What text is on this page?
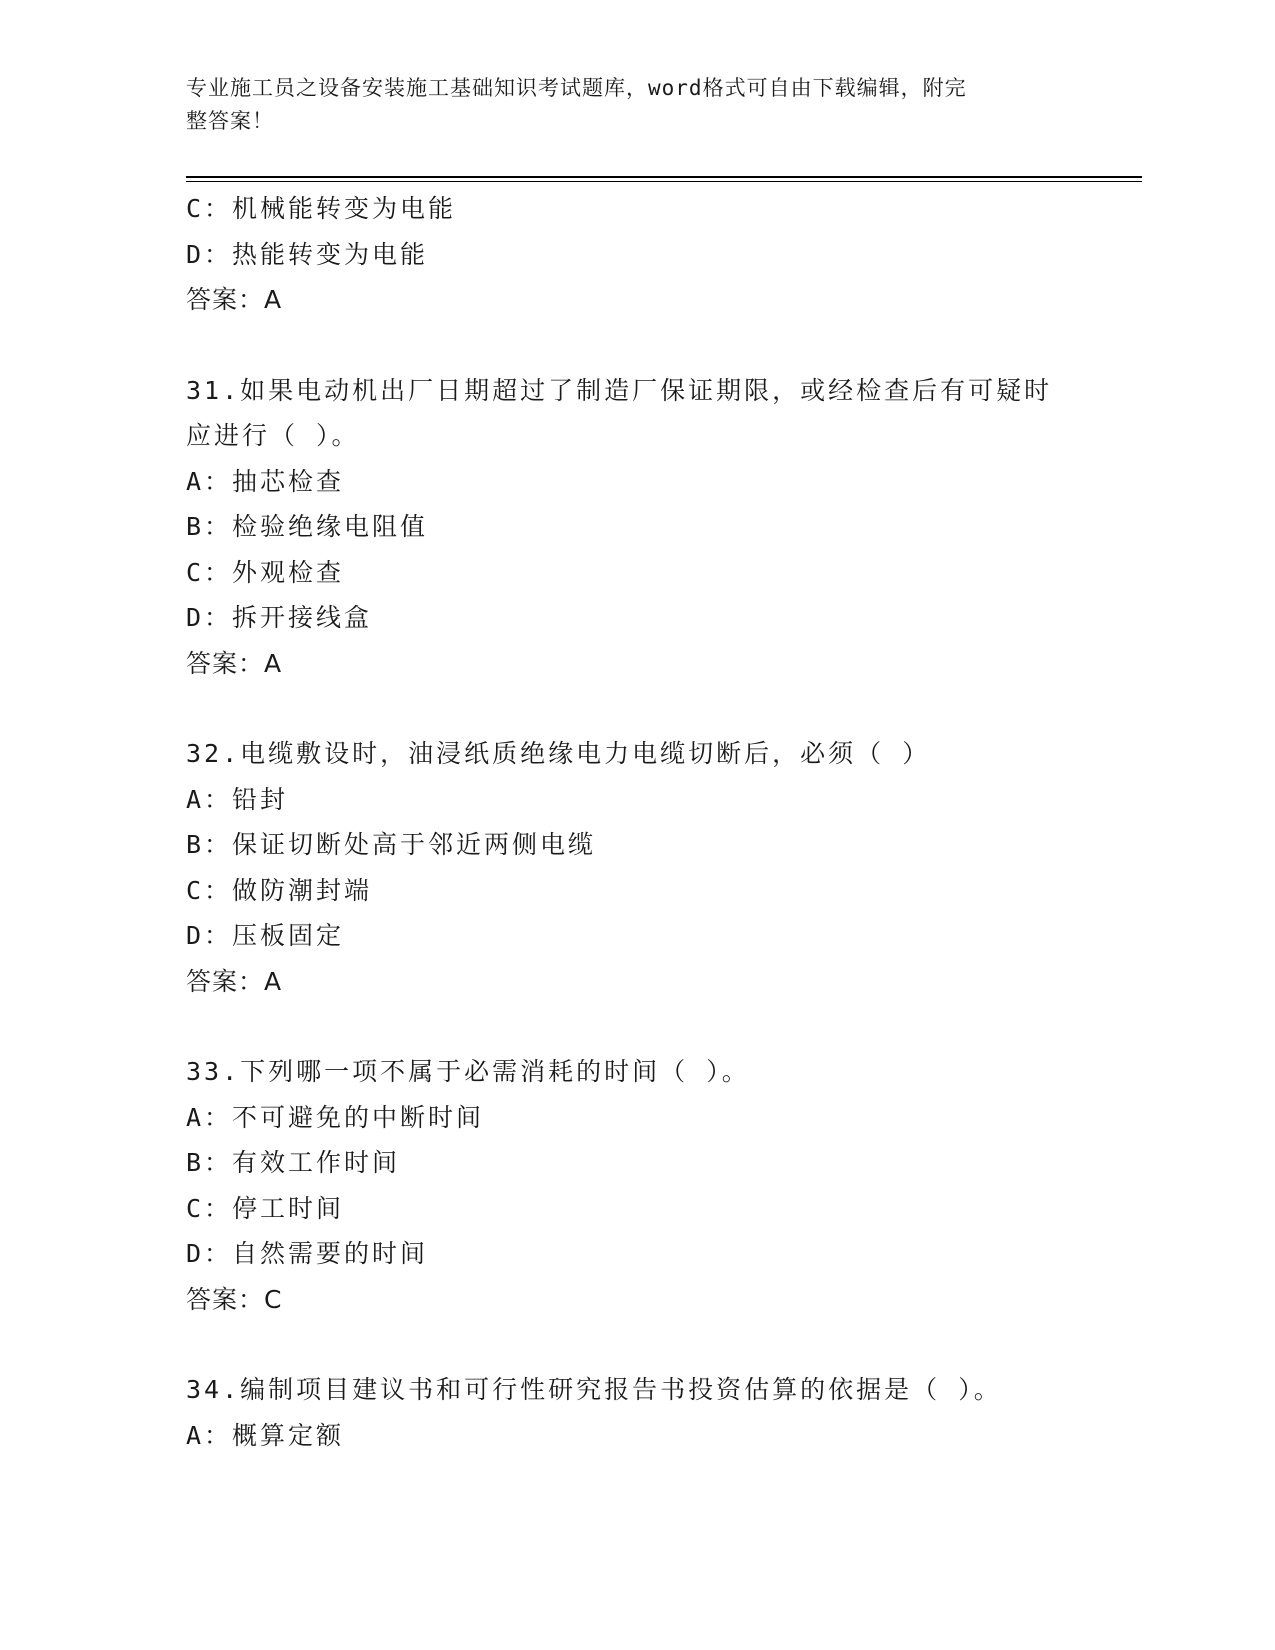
专业施工员之设备安装施工基础知识考试题库，word格式可自由下载编辑，附完
整答案！
C：机械能转变为电能
D：热能转变为电能
答案：A
31.如果电动机出厂日期超过了制造厂保证期限，或经检查后有可疑时
应进行（ ）。
A：抽芯检查
B：检验绝缘电阻值
C：外观检查
D：拆开接线盒
答案：A
32.电缆敷设时，油浸纸质绝缘电力电缆切断后，必须（ ）
A：铅封
B：保证切断处高于邻近两侧电缆
C：做防潮封端
D：压板固定
答案：A
33.下列哪一项不属于必需消耗的时间（ ）。
A：不可避免的中断时间
B：有效工作时间
C：停工时间
D：自然需要的时间
答案：C
34.编制项目建议书和可行性研究报告书投资估算的依据是（ ）。
A：概算定额
